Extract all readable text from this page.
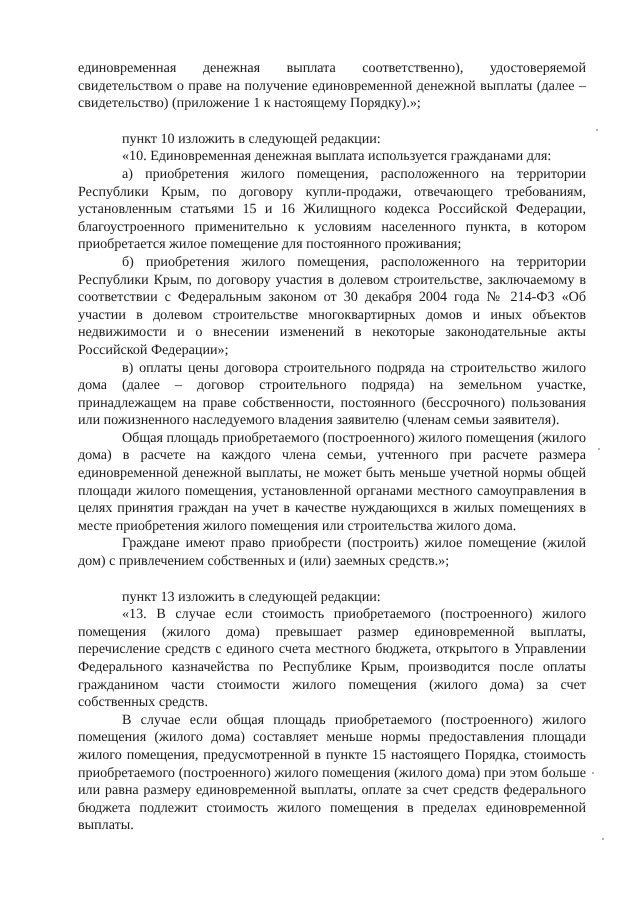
единовременная денежная выплата соответственно), удостоверяемой свидетельством о праве на получение единовременной денежной выплаты (далее – свидетельство) (приложение 1 к настоящему Порядку).»;

пункт 10 изложить в следующей редакции:

«10. Единовременная денежная выплата используется гражданами для:

а) приобретения жилого помещения, расположенного на территории Республики Крым, по договору купли-продажи, отвечающего требованиям, установленным статьями 15 и 16 Жилищного кодекса Российской Федерации, благоустроенного применительно к условиям населенного пункта, в котором приобретается жилое помещение для постоянного проживания;

б) приобретения жилого помещения, расположенного на территории Республики Крым, по договору участия в долевом строительстве, заключаемому в соответствии с Федеральным законом от 30 декабря 2004 года № 214-ФЗ «Об участии в долевом строительстве многоквартирных домов и иных объектов недвижимости и о внесении изменений в некоторые законодательные акты Российской Федерации»;

в) оплаты цены договора строительного подряда на строительство жилого дома (далее – договор строительного подряда) на земельном участке, принадлежащем на праве собственности, постоянного (бессрочного) пользования или пожизненного наследуемого владения заявителю (членам семьи заявителя).

Общая площадь приобретаемого (построенного) жилого помещения (жилого дома) в расчете на каждого члена семьи, учтенного при расчете размера единовременной денежной выплаты, не может быть меньше учетной нормы общей площади жилого помещения, установленной органами местного самоуправления в целях принятия граждан на учет в качестве нуждающихся в жилых помещениях в месте приобретения жилого помещения или строительства жилого дома.

Граждане имеют право приобрести (построить) жилое помещение (жилой дом) с привлечением собственных и (или) заемных средств.»;

пункт 13 изложить в следующей редакции:

«13. В случае если стоимость приобретаемого (построенного) жилого помещения (жилого дома) превышает размер единовременной выплаты, перечисление средств с единого счета местного бюджета, открытого в Управлении Федерального казначейства по Республике Крым, производится после оплаты гражданином части стоимости жилого помещения (жилого дома) за счет собственных средств.

В случае если общая площадь приобретаемого (построенного) жилого помещения (жилого дома) составляет меньше нормы предоставления площади жилого помещения, предусмотренной в пункте 15 настоящего Порядка, стоимость приобретаемого (построенного) жилого помещения (жилого дома) при этом больше или равна размеру единовременной выплаты, оплате за счет средств федерального бюджета подлежит стоимость жилого помещения в пределах единовременной выплаты.
